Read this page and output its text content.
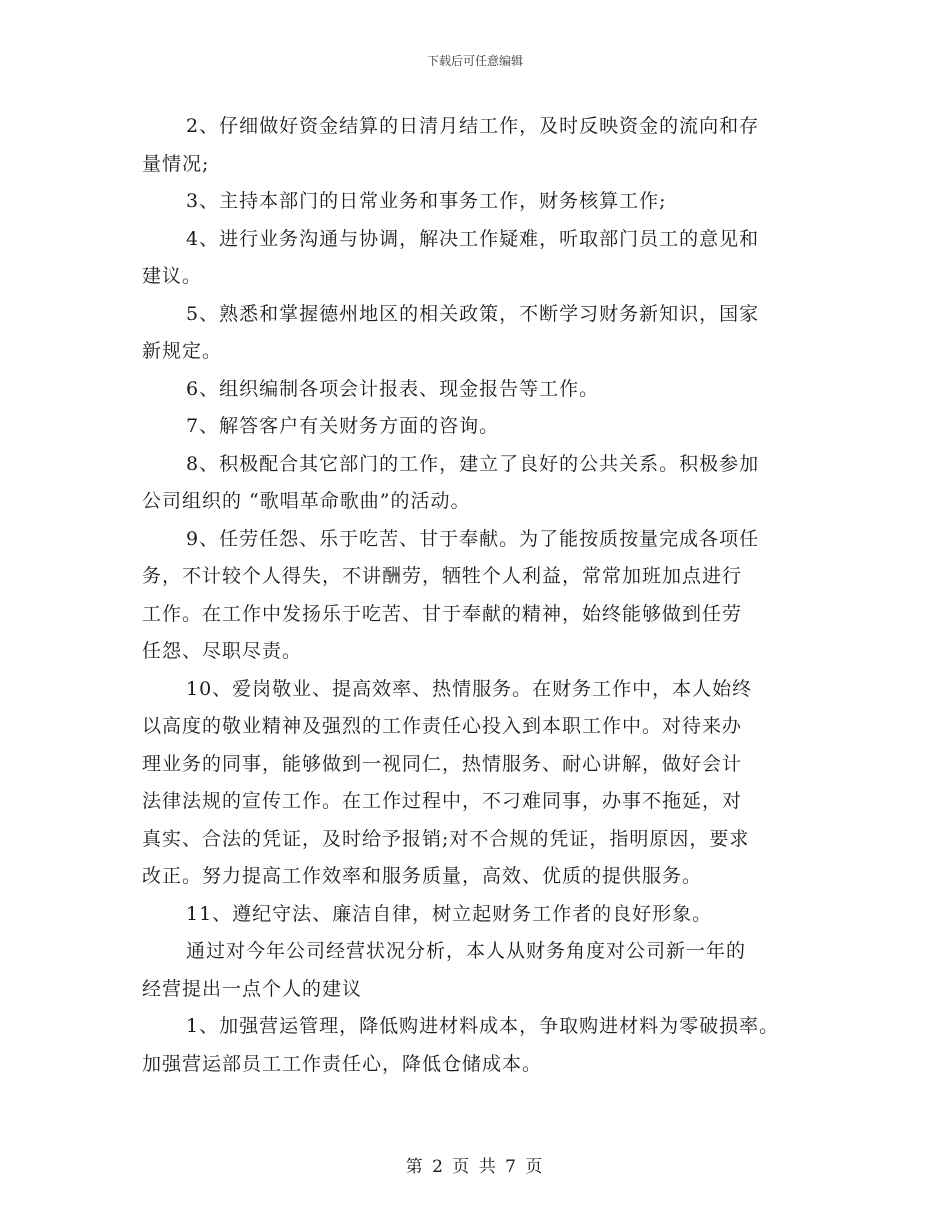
下载后可任意编辑
2、仔细做好资金结算的日清月结工作，及时反映资金的流向和存
量情况;
3、主持本部门的日常业务和事务工作，财务核算工作;
4、进行业务沟通与协调，解决工作疑难，听取部门员工的意见和
建议。
5、熟悉和掌握德州地区的相关政策，不断学习财务新知识，国家
新规定。
6、组织编制各项会计报表、现金报告等工作。
7、解答客户有关财务方面的咨询。
8、积极配合其它部门的工作，建立了良好的公共关系。积极参加
公司组织的 “歌唱革命歌曲”的活动。
9、任劳任怨、乐于吃苦、甘于奉献。为了能按质按量完成各项任
务，不计较个人得失，不讲酬劳，牺牲个人利益，常常加班加点进行
工作。在工作中发扬乐于吃苦、甘于奉献的精神，始终能够做到任劳
任怨、尽职尽责。
10、爱岗敬业、提高效率、热情服务。在财务工作中，本人始终
以高度的敬业精神及强烈的工作责任心投入到本职工作中。对待来办
理业务的同事，能够做到一视同仁，热情服务、耐心讲解，做好会计
法律法规的宣传工作。在工作过程中，不刁难同事，办事不拖延，对
真实、合法的凭证，及时给予报销;对不合规的凭证，指明原因，要求
改正。努力提高工作效率和服务质量，高效、优质的提供服务。
11、遵纪守法、廉洁自律，树立起财务工作者的良好形象。
通过对今年公司经营状况分析，本人从财务角度对公司新一年的
经营提出一点个人的建议
1、加强营运管理，降低购进材料成本，争取购进材料为零破损率。
加强营运部员工工作责任心，降低仓储成本。
第 2 页 共 7 页
